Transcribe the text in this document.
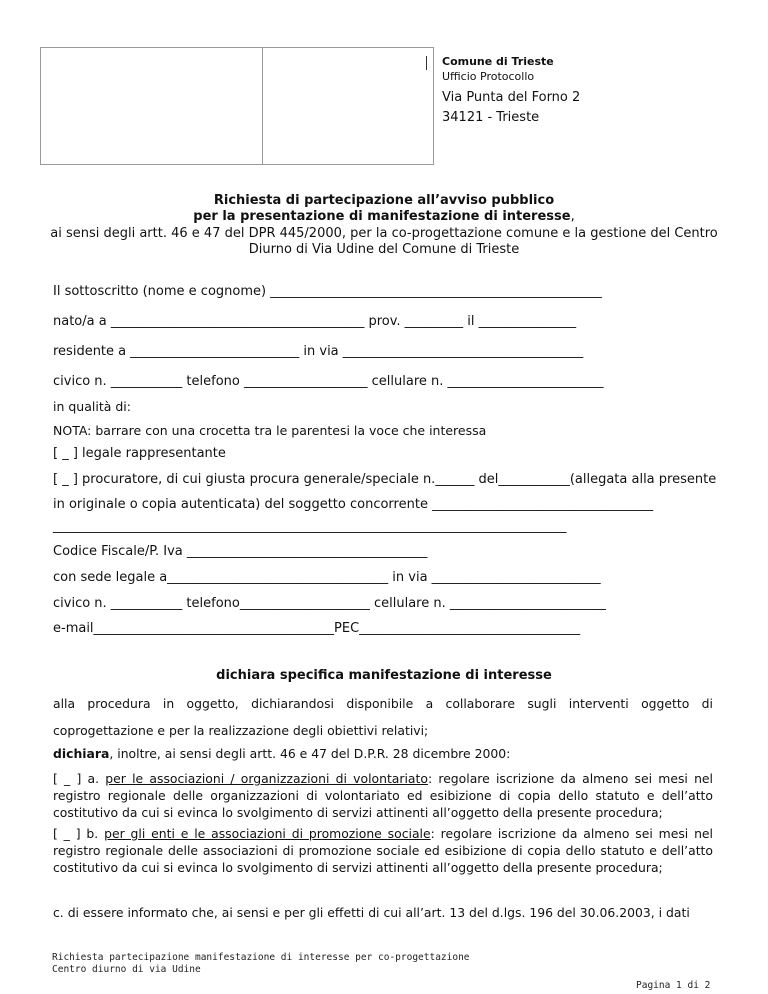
Comune di Trieste
Ufficio Protocollo
Via Punta del Forno 2
34121 - Trieste
Richiesta di partecipazione all’avviso pubblico
per la presentazione di manifestazione di interesse,
ai sensi degli artt. 46 e 47 del DPR 445/2000, per la co-progettazione comune e la gestione del Centro
Diurno di Via Udine del Comune di Trieste
Il sottoscritto (nome e cognome) ___________________________________________________
nato/a a _______________________________________ prov. _________ il _______________
residente a __________________________ in via _____________________________________
civico n. ___________ telefono ___________________ cellulare n. ________________________
in qualità di:
NOTA: barrare con una crocetta tra le parentesi la voce che interessa
[ _ ] legale rappresentante
[ _ ] procuratore, di cui giusta procura generale/speciale n.______ del___________(allegata alla presente
in originale o copia autenticata) del soggetto concorrente __________________________________
_______________________________________________________________________________
Codice Fiscale/P. Iva _____________________________________
con sede legale a__________________________________ in via __________________________
civico n. ___________ telefono____________________ cellulare n. ________________________
e-mail_____________________________________PEC__________________________________
dichiara specifica manifestazione di interesse
alla procedura in oggetto, dichiarandosi disponibile a collaborare sugli interventi oggetto di coprogettazione e per la realizzazione degli obiettivi relativi;
dichiara, inoltre, ai sensi degli artt. 46 e 47 del D.P.R. 28 dicembre 2000:
[ _ ] a. per le associazioni / organizzazioni di volontariato: regolare iscrizione da almeno sei mesi nel registro regionale delle organizzazioni di volontariato ed esibizione di copia dello statuto e dell’atto costitutivo da cui si evinca lo svolgimento di servizi attinenti all’oggetto della presente procedura;
[ _ ] b. per gli enti e le associazioni di promozione sociale: regolare iscrizione da almeno sei mesi nel registro regionale delle associazioni di promozione sociale ed esibizione di copia dello statuto e dell’atto costitutivo da cui si evinca lo svolgimento di servizi attinenti all’oggetto della presente procedura;
c. di essere informato che, ai sensi e per gli effetti di cui all’art. 13 del d.lgs. 196 del 30.06.2003, i dati
Richiesta partecipazione manifestazione di interesse per co-progettazione
Centro diurno di via Udine
Pagina 1 di 2
